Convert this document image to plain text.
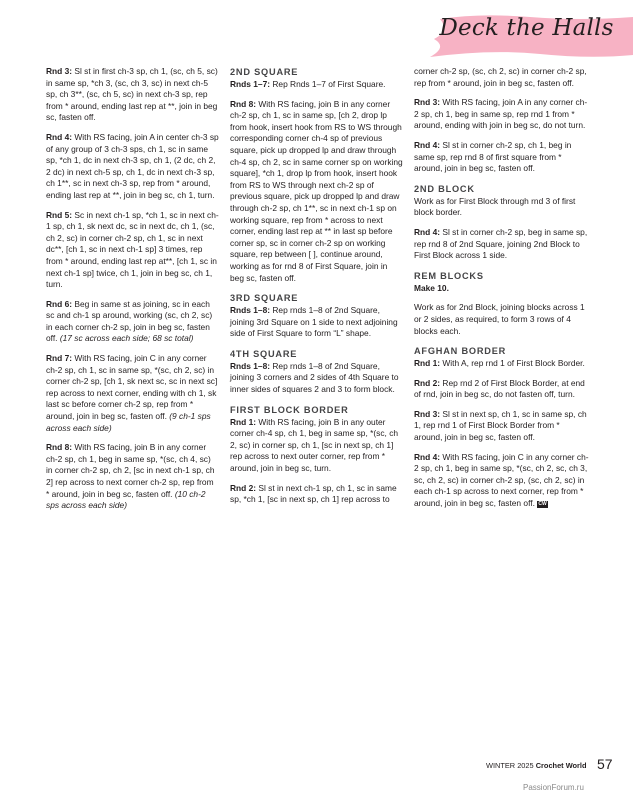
Deck the Halls
Rnd 3: Sl st in first ch-3 sp, ch 1, (sc, ch 5, sc) in same sp, *ch 3, (sc, ch 3, sc) in next ch-5 sp, ch 3**, (sc, ch 5, sc) in next ch-3 sp, rep from * around, ending last rep at **, join in beg sc, fasten off.
Rnd 4: With RS facing, join A in center ch-3 sp of any group of 3 ch-3 sps, ch 1, sc in same sp, *ch 1, dc in next ch-3 sp, ch 1, (2 dc, ch 2, 2 dc) in next ch-5 sp, ch 1, dc in next ch-3 sp, ch 1**, sc in next ch-3 sp, rep from * around, ending last rep at **, join in beg sc, ch 1, turn.
Rnd 5: Sc in next ch-1 sp, *ch 1, sc in next ch-1 sp, ch 1, sk next dc, sc in next dc, ch 1, (sc, ch 2, sc) in corner ch-2 sp, ch 1, sc in next dc**, [ch 1, sc in next ch-1 sp] 3 times, rep from * around, ending last rep at**, [ch 1, sc in next ch-1 sp] twice, ch 1, join in beg sc, ch 1, turn.
Rnd 6: Beg in same st as joining, sc in each sc and ch-1 sp around, working (sc, ch 2, sc) in each corner ch-2 sp, join in beg sc, fasten off. (17 sc across each side; 68 sc total)
Rnd 7: With RS facing, join C in any corner ch-2 sp, ch 1, sc in same sp, *(sc, ch 2, sc) in corner ch-2 sp, [ch 1, sk next sc, sc in next sc] rep across to next corner, ending with ch 1, sk last sc before corner ch-2 sp, rep from * around, join in beg sc, fasten off. (9 ch-1 sps across each side)
Rnd 8: With RS facing, join B in any corner ch-2 sp, ch 1, beg in same sp, *(sc, ch 4, sc) in corner ch-2 sp, ch 2, [sc in next ch-1 sp, ch 2] rep across to next corner ch-2 sp, rep from * around, join in beg sc, fasten off. (10 ch-2 sps across each side)
2ND SQUARE
Rnds 1–7: Rep Rnds 1–7 of First Square.
Rnd 8: With RS facing, join B in any corner ch-2 sp, ch 1, sc in same sp, [ch 2, drop lp from hook, insert hook from RS to WS through corresponding corner ch-4 sp of previous square, pick up dropped lp and draw through ch-4 sp, ch 2, sc in same corner sp on working square], *ch 1, drop lp from hook, insert hook from RS to WS through next ch-2 sp of previous square, pick up dropped lp and draw through ch-2 sp, ch 1**, sc in next ch-1 sp on working square, rep from * across to next corner, ending last rep at ** in last sp before corner sp, sc in corner ch-2 sp on working square, rep between [ ], continue around, working as for rnd 8 of First Square, join in beg sc, fasten off.
3RD SQUARE
Rnds 1–8: Rep rnds 1–8 of 2nd Square, joining 3rd Square on 1 side to next adjoining side of First Square to form “L” shape.
4TH SQUARE
Rnds 1–8: Rep rnds 1–8 of 2nd Square, joining 3 corners and 2 sides of 4th Square to inner sides of squares 2 and 3 to form block.
FIRST BLOCK BORDER
Rnd 1: With RS facing, join B in any outer corner ch-4 sp, ch 1, beg in same sp, *(sc, ch 2, sc) in corner sp, ch 1, [sc in next sp, ch 1] rep across to next outer corner, rep from * around, join in beg sc, turn.
Rnd 2: Sl st in next ch-1 sp, ch 1, sc in same sp, *ch 1, [sc in next sp, ch 1] rep across to
corner ch-2 sp, (sc, ch 2, sc) in corner ch-2 sp, rep from * around, join in beg sc, fasten off.
Rnd 3: With RS facing, join A in any corner ch-2 sp, ch 1, beg in same sp, rep rnd 1 from * around, ending with join in beg sc, do not turn.
Rnd 4: Sl st in corner ch-2 sp, ch 1, beg in same sp, rep rnd 8 of first square from * around, join in beg sc, fasten off.
2ND BLOCK
Work as for First Block through rnd 3 of first block border.
Rnd 4: Sl st in corner ch-2 sp, beg in same sp, rep rnd 8 of 2nd Square, joining 2nd Block to First Block across 1 side.
REM BLOCKS
Make 10.
Work as for 2nd Block, joining blocks across 1 or 2 sides, as required, to form 3 rows of 4 blocks each.
AFGHAN BORDER
Rnd 1: With A, rep rnd 1 of First Block Border.
Rnd 2: Rep rnd 2 of First Block Border, at end of rnd, join in beg sc, do not fasten off, turn.
Rnd 3: Sl st in next sp, ch 1, sc in same sp, ch 1, rep rnd 1 of First Block Border from * around, join in beg sc, fasten off.
Rnd 4: With RS facing, join C in any corner ch-2 sp, ch 1, beg in same sp, *(sc, ch 2, sc, ch 3, sc, ch 2, sc) in corner ch-2 sp, (sc, ch 2, sc) in each ch-1 sp across to next corner, rep from * around, join in beg sc, fasten off. CW
WINTER 2025 Crochet World 57
PassionForum.ru
